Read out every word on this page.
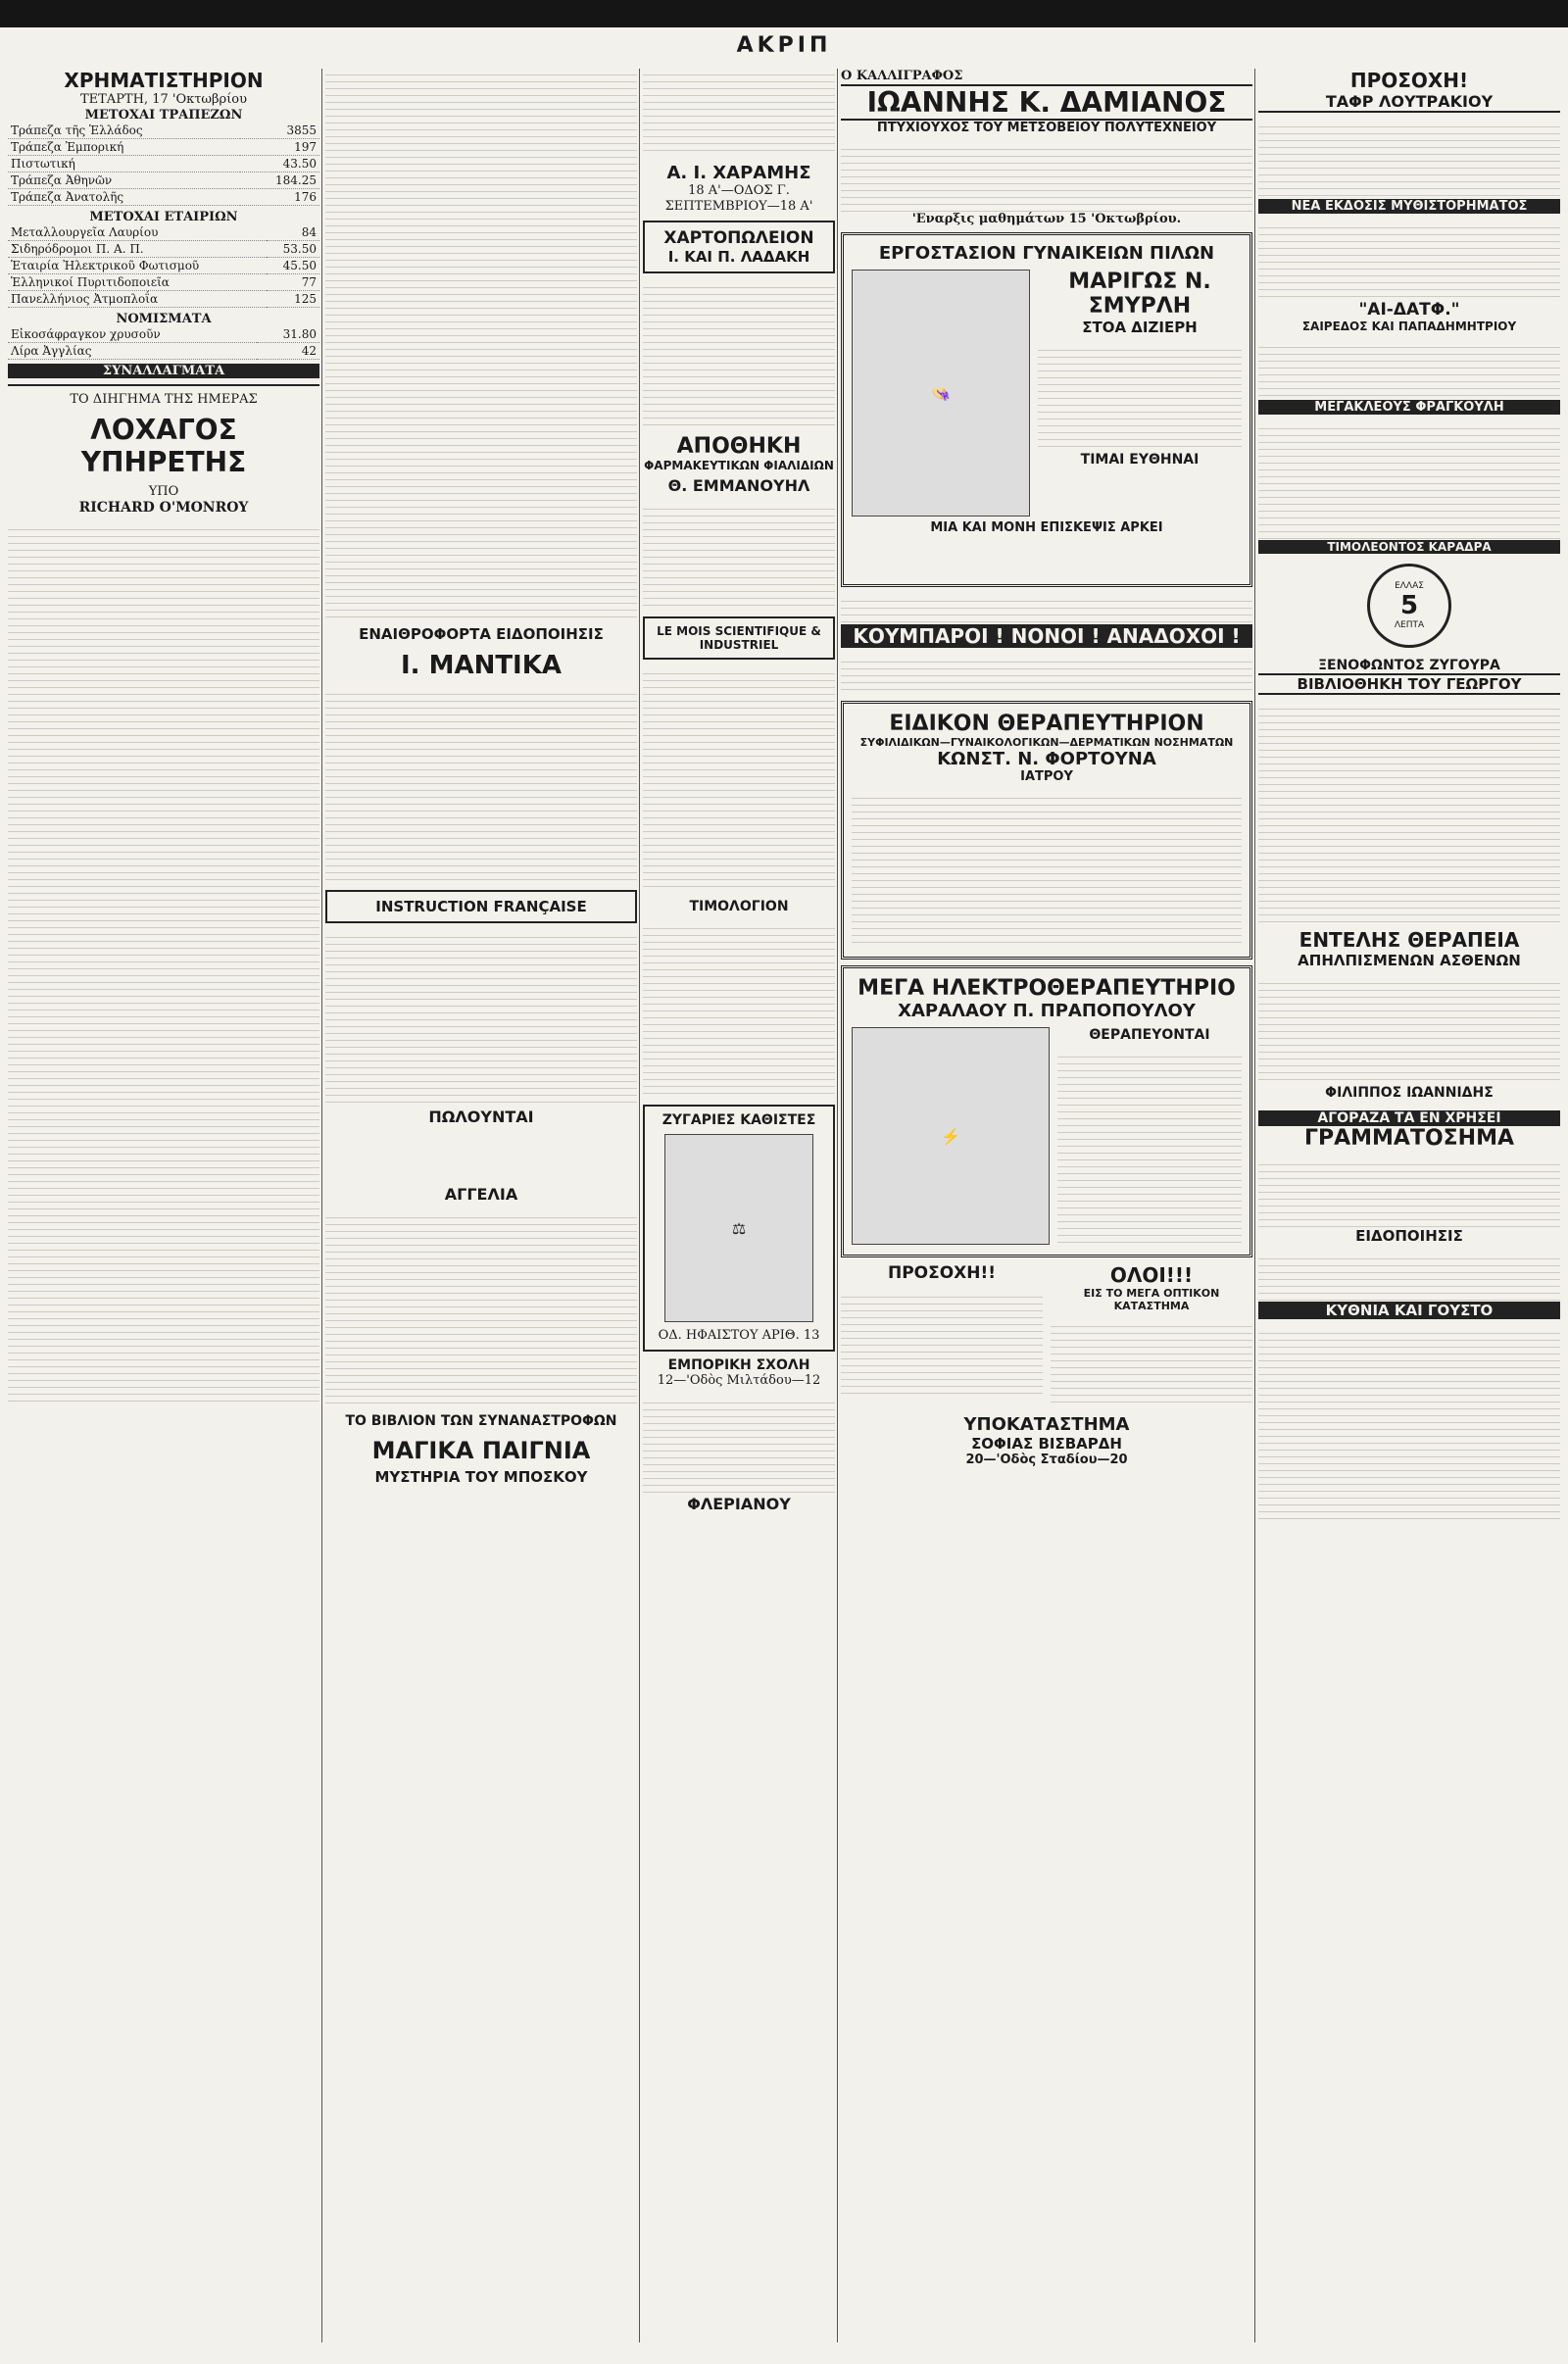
ΑΚΡΙΠ
ΧΡΗΜΑΤΙΣΤΗΡΙΟΝ
ΤΕΤΑΡΤΗ, 17 'Οκτωβρίου
ΜΕΤΟΧΑΙ ΤΡΑΠΕΖΩΝ
Τράπεζα τῆς Ἑλλάδος	3855
Τράπεζα Ἐμπορική	197
Πιστωτική	43.50
Τράπεζα Ἀθηνῶν	184.25
Τράπεζα Ἀνατολῆς	176
ΜΕΤΟΧΑΙ ΕΤΑΙΡΙΩΝ
Μεταλλουργεῖα Λαυρίου	84
Σιδηρόδρομοι Π. Α. Π.	53.50
Ἑταιρία Ἠλεκτρικοῦ Φωτισμοῦ	45.50
Ἑλληνικοί Πυριτιδοποιεῖα	77
Πανελλήνιος Ἀτμοπλοΐα	125
ΝΟΜΙΣΜΑΤΑ
Εἰκοσάφραγκον χρυσοῦν	31.80
Λίρα Ἀγγλίας	42
ΣΥΝΑΛΛΑΓΜΑΤΑ
ΤΟ ΔΙΗΓΗΜΑ ΤΗΣ ΗΜΕΡΑΣ
ΛΟΧΑΓΟΣ ΥΠΗΡΕΤΗΣ
ΥΠΟ
RICHARD O'MONROY
ΕΝΑΙΘΡΟΦΟΡΤΑ ΕΙΔΟΠΟΙΗΣΙΣ
I. MANTIKA
INSTRUCTION FRANÇAISE
ΠΩΛΟΥΝΤΑΙ
ΑΓΓΕΛΙΑ
ΤΟ ΒΙΒΛΙΟΝ ΤΩΝ ΣΥΝΑΝΑΣΤΡΟΦΩΝ
ΜΑΓΙΚΑ ΠΑΙΓΝΙΑ
ΜΥΣΤΗΡΙΑ ΤΟΥ ΜΠΟΣΚΟΥ
Α. Ι. ΧΑΡΑΜΗΣ
18 Α'—ΟΔΟΣ Γ. ΣΕΠΤΕΜΒΡΙΟΥ—18 Α'
ΧΑΡΤΟΠΩΛΕΙΟΝ
Ι. ΚΑΙ Π. ΛΑΔΑΚΗ
ΑΠΟΘΗΚΗ
ΦΑΡΜΑΚΕΥΤΙΚΩΝ ΦΙΑΛΙΔΙΩΝ
Θ. ΕΜΜΑΝΟΥΗΛ
LE MOIS SCIENTIFIQUE & INDUSTRIEL
ΤΙΜΟΛΟΓΙΟΝ
ΖΥΓΑΡΙΕΣ ΚΑΘΙΣΤΕΣ
⚖
ΟΔ. ΗΦΑΙΣΤΟΥ ΑΡΙΘ. 13
ΕΜΠΟΡΙΚΗ ΣΧΟΛΗ
12—'Οδὸς Μιλτάδου—12
ΦΛΕΡΙΑΝΟΥ
Ο ΚΑΛΛΙΓΡΑΦΟΣ
ΙΩΑΝΝΗΣ Κ. ΔΑΜΙΑΝΟΣ
ΠΤΥΧΙΟΥΧΟΣ ΤΟΥ ΜΕΤΣΟΒΕΙΟΥ ΠΟΛΥΤΕΧΝΕΙΟΥ
'Εναρξις μαθημάτων 15 'Οκτωβρίου.
ΕΡΓΟΣΤΑΣΙΟΝ ΓΥΝΑΙΚΕΙΩΝ ΠΙΛΩΝ
👒
ΜΑΡΙΓΩΣ Ν. ΣΜΥΡΛΗ
ΣΤΟΑ ΔΙΖΙΕΡΗ
ΤΙΜΑΙ ΕΥΘΗΝΑΙ
ΜΙΑ ΚΑΙ ΜΟΝΗ ΕΠΙΣΚΕΨΙΣ ΑΡΚΕΙ
ΚΟΥΜΠΑΡΟΙ ! ΝΟΝΟΙ ! ΑΝΑΔΟΧΟΙ !
ΕΙΔΙΚΟΝ ΘΕΡΑΠΕΥΤΗΡΙΟΝ
ΣΥΦΙΛΙΔΙΚΩΝ—ΓΥΝΑΙΚΟΛΟΓΙΚΩΝ—ΔΕΡΜΑΤΙΚΩΝ ΝΟΣΗΜΑΤΩΝ
ΚΩΝΣΤ. Ν. ΦΟΡΤΟΥΝΑ
ΙΑΤΡΟΥ
ΜΕΓΑ ΗΛΕΚΤΡΟΘΕΡΑΠΕΥΤΗΡΙΟ
ΧΑΡΑΛΑΟΥ Π. ΠΡΑΠΟΠΟΥΛΟΥ
⚡
ΘΕΡΑΠΕΥΟΝΤΑΙ
ΠΡΟΣΟΧΗ!!	ΟΛΟΙ!!!
ΕΙΣ ΤΟ ΜΕΓΑ ΟΠΤΙΚΟΝ ΚΑΤΑΣΤΗΜΑ
ΥΠΟΚΑΤΑΣΤΗΜΑ
ΣΟΦΙΑΣ ΒΙΣΒΑΡΔΗ
20—'Οδὸς Σταδίου—20
ΠΡΟΣΟΧΗ!
ΤΑΦΡ ΛΟΥΤΡΑΚΙΟΥ
ΝΕΑ ΕΚΔΟΣΙΣ ΜΥΘΙΣΤΟΡΗΜΑΤΟΣ
"ΑΙ-ΔΑΤΦ."
ΣΑΙΡΕΔΟΣ ΚΑΙ ΠΑΠΑΔΗΜΗΤΡΙΟΥ
ΜΕΓΑΚΛΕΟΥΣ ΦΡΑΓΚΟΥΛΗ
ΤΙΜΟΛΕΟΝΤΟΣ ΚΑΡΑΔΡΑ
ΕΛΛΑΣ
5
ΛΕΠΤΑ
ΞΕΝΟΦΩΝΤΟΣ ΖΥΓΟΥΡΑ
ΒΙΒΛΙΟΘΗΚΗ ΤΟΥ ΓΕΩΡΓΟΥ
ΕΝΤΕΛΗΣ ΘΕΡΑΠΕΙΑ
ΑΠΗΛΠΙΣΜΕΝΩΝ ΑΣΘΕΝΩΝ
ΦΙΛΙΠΠΟΣ ΙΩΑΝΝΙΔΗΣ
ΑΓΟΡΑΖΑ ΤΑ ΕΝ ΧΡΗΣΕΙ
ΓΡΑΜΜΑΤΟΣΗΜΑ
ΕΙΔΟΠΟΙΗΣΙΣ
ΚΥΘΝΙΑ ΚΑΙ ΓΟΥΣΤΟ
